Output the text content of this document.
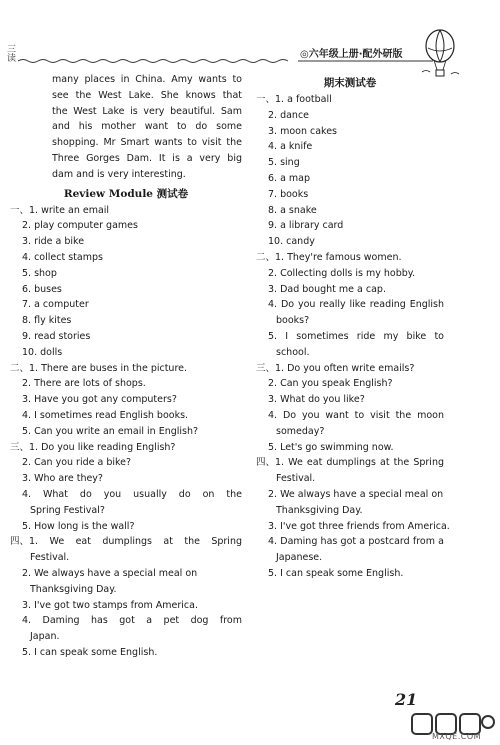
三读	◎六年级上册·配外研版
many places in China. Amy wants to
see the West Lake. She knows that
the West Lake is very beautiful. Sam
and his mother want to do some
shopping. Mr Smart wants to visit the
Three Gorges Dam. It is a very big
dam and is very interesting.
Review Module 测试卷
一、1. write an email
2. play computer games
3. ride a bike
4. collect stamps
5. shop
6. buses
7. a computer
8. fly kites
9. read stories
10. dolls
二、1. There are buses in the picture.
2. There are lots of shops.
3. Have you got any computers?
4. I sometimes read English books.
5. Can you write an email in English?
三、1. Do you like reading English?
2. Can you ride a bike?
3. Who are they?
4. What do you usually do on the
Spring Festival?
5. How long is the wall?
四、1. We eat dumplings at the Spring
Festival.
2. We always have a special meal on
Thanksgiving Day.
3. I've got two stamps from America.
4. Daming has got a pet dog from
Japan.
5. I can speak some English.
期末测试卷
一、1. a football
2. dance
3. moon cakes
4. a knife
5. sing
6. a map
7. books
8. a snake
9. a library card
10. candy
二、1. They're famous women.
2. Collecting dolls is my hobby.
3. Dad bought me a cap.
4. Do you really like reading English
books?
5. I sometimes ride my bike to
school.
三、1. Do you often write emails?
2. Can you speak English?
3. What do you like?
4. Do you want to visit the moon
someday?
5. Let's go swimming now.
四、1. We eat dumplings at the Spring
Festival.
2. We always have a special meal on
Thanksgiving Day.
3. I've got three friends from America.
4. Daming has got a postcard from a
Japanese.
5. I can speak some English.
21
MXQE.COM
